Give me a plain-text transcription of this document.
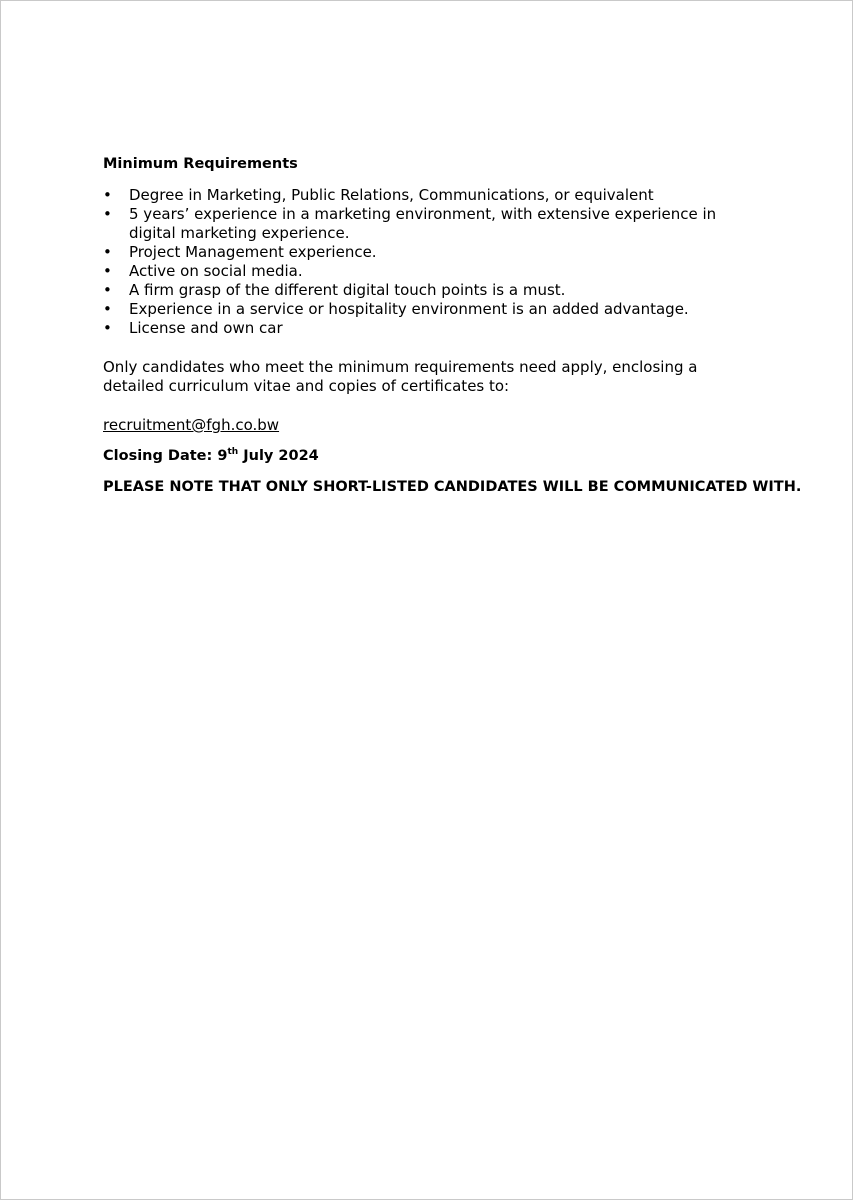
Minimum Requirements
• Degree in Marketing, Public Relations, Communications, or equivalent
• 5 years’ experience in a marketing environment, with extensive experience in digital marketing experience.
• Project Management experience.
• Active on social media.
• A firm grasp of the different digital touch points is a must.
• Experience in a service or hospitality environment is an added advantage.
• License and own car
Only candidates who meet the minimum requirements need apply, enclosing a detailed curriculum vitae and copies of certificates to:
recruitment@fgh.co.bw
Closing Date: 9th July 2024
PLEASE NOTE THAT ONLY SHORT-LISTED CANDIDATES WILL BE COMMUNICATED WITH.
